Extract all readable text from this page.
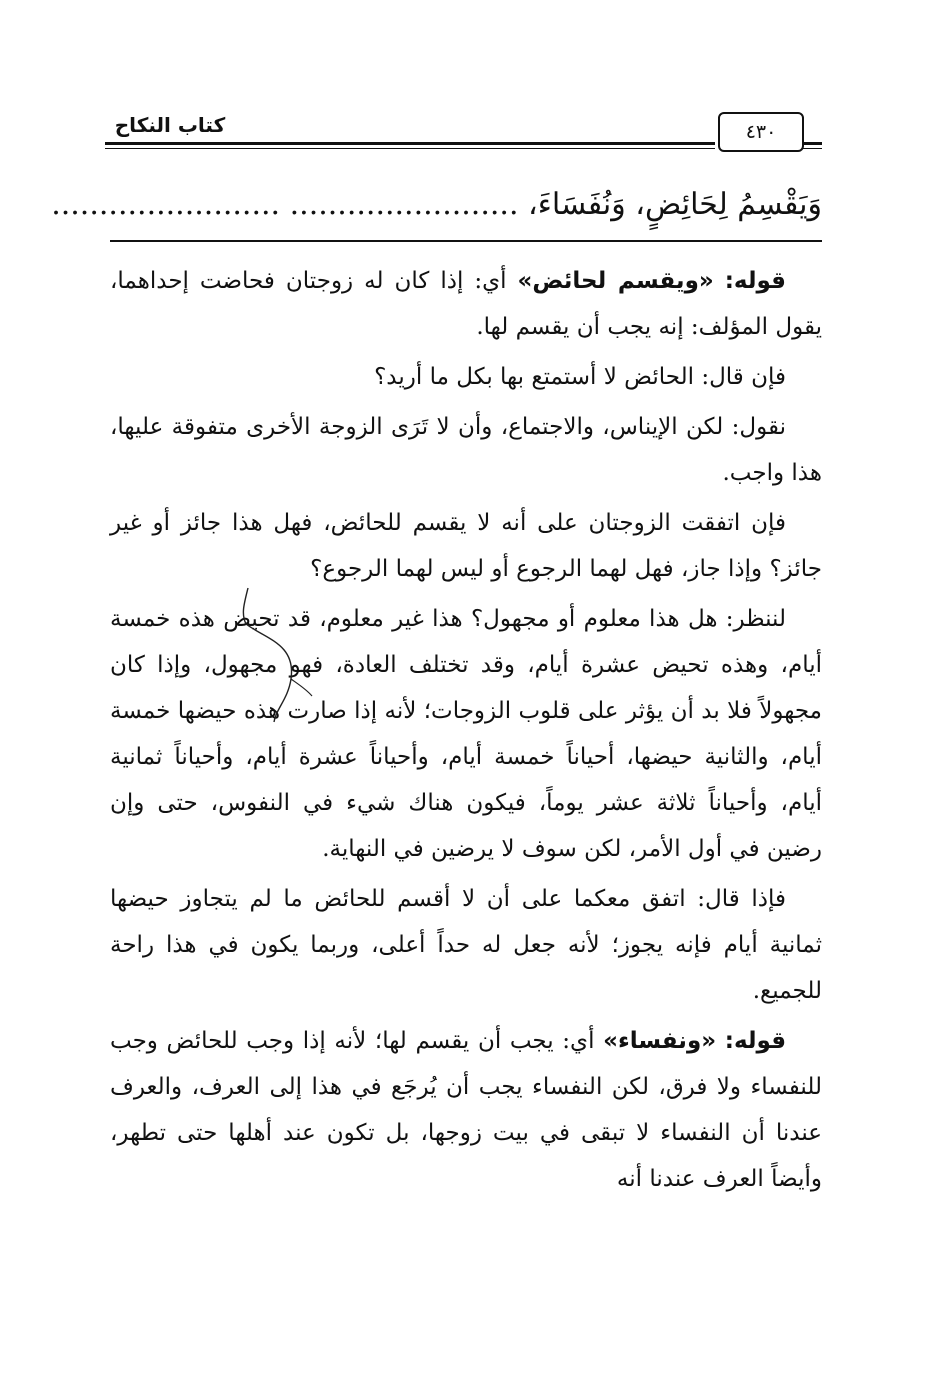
كتاب النكاح	٤٣٠
وَيَقْسِمُ لِحَائِضٍ، وَنُفَسَاءَ، ........................ ........................

قوله: «ويقسم لحائض» أي: إذا كان له زوجتان فحاضت إحداهما، يقول المؤلف: إنه يجب أن يقسم لها.

فإن قال: الحائض لا أستمتع بها بكل ما أريد؟

نقول: لكن الإيناس، والاجتماع، وأن لا تَرَى الزوجة الأخرى متفوقة عليها، هذا واجب.

فإن اتفقت الزوجتان على أنه لا يقسم للحائض، فهل هذا جائز أو غير جائز؟ وإذا جاز، فهل لهما الرجوع أو ليس لهما الرجوع؟

لننظر: هل هذا معلوم أو مجهول؟ هذا غير معلوم، قد تحيض هذه خمسة أيام، وهذه تحيض عشرة أيام، وقد تختلف العادة، فهو مجهول، وإذا كان مجهولاً فلا بد أن يؤثر على قلوب الزوجات؛ لأنه إذا صارت هذه حيضها خمسة أيام، والثانية حيضها، أحياناً خمسة أيام، وأحياناً عشرة أيام، وأحياناً ثمانية أيام، وأحياناً ثلاثة عشر يوماً، فيكون هناك شيء في النفوس، حتى وإن رضين في أول الأمر، لكن سوف لا يرضين في النهاية.

فإذا قال: اتفق معكما على أن لا أقسم للحائض ما لم يتجاوز حيضها ثمانية أيام فإنه يجوز؛ لأنه جعل له حداً أعلى، وربما يكون في هذا راحة للجميع.

قوله: «ونفساء» أي: يجب أن يقسم لها؛ لأنه إذا وجب للحائض وجب للنفساء ولا فرق، لكن النفساء يجب أن يُرجَع في هذا إلى العرف، والعرف عندنا أن النفساء لا تبقى في بيت زوجها، بل تكون عند أهلها حتى تطهر، وأيضاً العرف عندنا أنه
